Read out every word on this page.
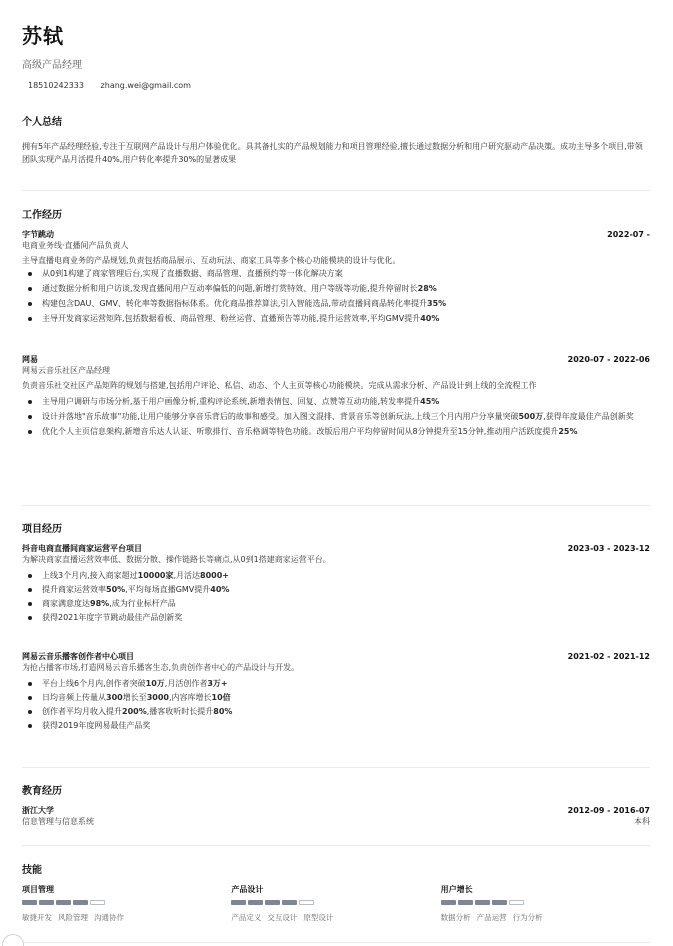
苏轼
高级产品经理
18510242333 zhang.wei@gmail.com
个人总结
拥有5年产品经理经验,专注于互联网产品设计与用户体验优化。具其备扎实的产品规划能力和项目管理经验,擅长通过数据分析和用户研究驱动产品决策。成功主导多个项目,带领团队实现产品月活提升40%,用户转化率提升30%的显著成果
工作经历
字节跳动	2022-07 -
电商业务线·直播间产品负责人
主导直播电商业务的产品规划,负责包括商品展示、互动玩法、商家工具等多个核心功能模块的设计与优化。
从0到1构建了商家管理后台,实现了直播数据、商品管理、直播预约等一体化解决方案
通过数据分析和用户访谈,发现直播间用户互动率偏低的问题,新增打赏特效、用户等级等功能,提升停留时长28%
构建包含DAU、GMV、转化率等数据指标体系。优化商品推荐算法,引入智能选品,带动直播间商品转化率提升35%
主导开发商家运营矩阵,包括数据看板、商品管理、粉丝运营、直播预告等功能,提升运营效率,平均GMV提升40%
网易	2020-07 - 2022-06
网易云音乐社区产品经理
负责音乐社交社区产品矩阵的规划与搭建,包括用户评论、私信、动态、个人主页等核心功能模块。完成从需求分析、产品设计到上线的全流程工作
主导用户调研与市场分析,基于用户画像分析,重构评论系统,新增表情包、回复、点赞等互动功能,转发率提升45%
设计并落地"音乐故事"功能,让用户能够分享音乐背后的故事和感受。加入图文混排、背景音乐等创新玩法,上线三个月内用户分享量突破500万,获得年度最佳产品创新奖
优化个人主页信息架构,新增音乐达人认证、听歌排行、音乐格调等特色功能。改版后用户平均停留时间从8分钟提升至15分钟,推动用户活跃度提升25%
项目经历
抖音电商直播间商家运营平台项目	2023-03 - 2023-12
为解决商家直播运营效率低、数据分散、操作链路长等痛点,从0到1搭建商家运营平台。
上线3个月内,接入商家超过10000家,月活达8000+
提升商家运营效率50%,平均每场直播GMV提升40%
商家满意度达98%,成为行业标杆产品
获得2021年度字节跳动最佳产品创新奖
网易云音乐播客创作者中心项目	2021-02 - 2021-12
为抢占播客市场,打造网易云音乐播客生态,负责创作者中心的产品设计与开发。
平台上线6个月内,创作者突破10万,月活创作者3万+
日均音频上传量从300增长至3000,内容库增长10倍
创作者平均月收入提升200%,播客收听时长提升80%
获得2019年度网易最佳产品奖
教育经历
浙江大学	2012-09 - 2016-07
信息管理与信息系统	本科
技能
项目管理
敏捷开发 风险管理 沟通协作
产品设计
产品定义 交互设计 原型设计
用户增长
数据分析 产品运营 行为分析
